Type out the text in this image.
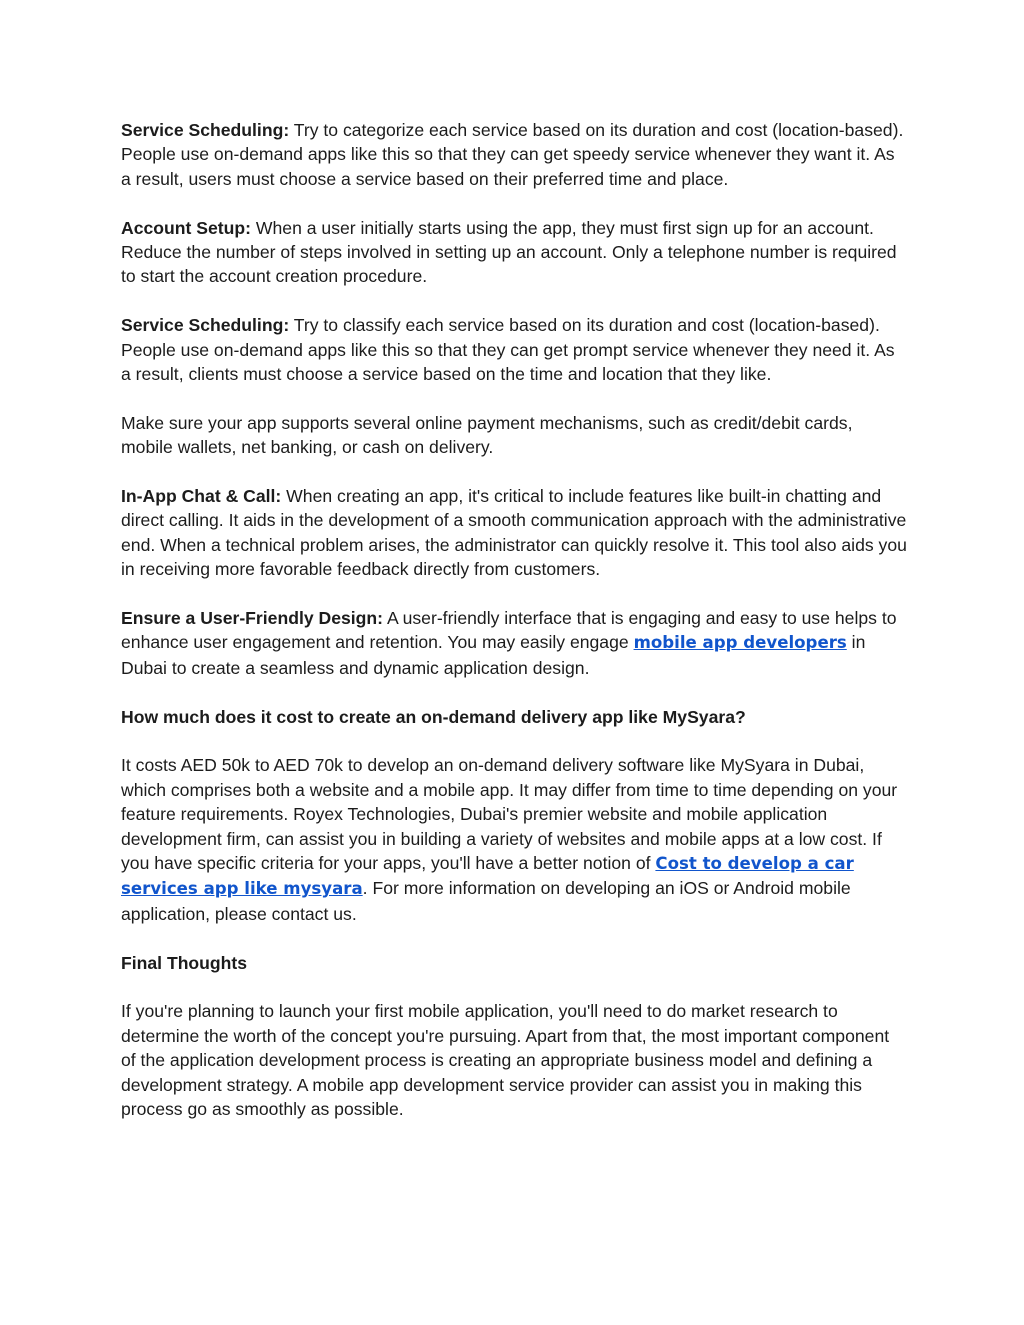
Service Scheduling: Try to categorize each service based on its duration and cost (location-based). People use on-demand apps like this so that they can get speedy service whenever they want it. As a result, users must choose a service based on their preferred time and place.

Account Setup: When a user initially starts using the app, they must first sign up for an account. Reduce the number of steps involved in setting up an account. Only a telephone number is required to start the account creation procedure.

Service Scheduling: Try to classify each service based on its duration and cost (location-based). People use on-demand apps like this so that they can get prompt service whenever they need it. As a result, clients must choose a service based on the time and location that they like.

Make sure your app supports several online payment mechanisms, such as credit/debit cards, mobile wallets, net banking, or cash on delivery.

In-App Chat & Call: When creating an app, it's critical to include features like built-in chatting and direct calling. It aids in the development of a smooth communication approach with the administrative end. When a technical problem arises, the administrator can quickly resolve it. This tool also aids you in receiving more favorable feedback directly from customers.

Ensure a User-Friendly Design: A user-friendly interface that is engaging and easy to use helps to enhance user engagement and retention. You may easily engage mobile app developers in Dubai to create a seamless and dynamic application design.

How much does it cost to create an on-demand delivery app like MySyara?

It costs AED 50k to AED 70k to develop an on-demand delivery software like MySyara in Dubai, which comprises both a website and a mobile app. It may differ from time to time depending on your feature requirements. Royex Technologies, Dubai's premier website and mobile application development firm, can assist you in building a variety of websites and mobile apps at a low cost. If you have specific criteria for your apps, you'll have a better notion of Cost to develop a car services app like mysyara. For more information on developing an iOS or Android mobile application, please contact us.

Final Thoughts

If you're planning to launch your first mobile application, you'll need to do market research to determine the worth of the concept you're pursuing. Apart from that, the most important component of the application development process is creating an appropriate business model and defining a development strategy. A mobile app development service provider can assist you in making this process go as smoothly as possible.
